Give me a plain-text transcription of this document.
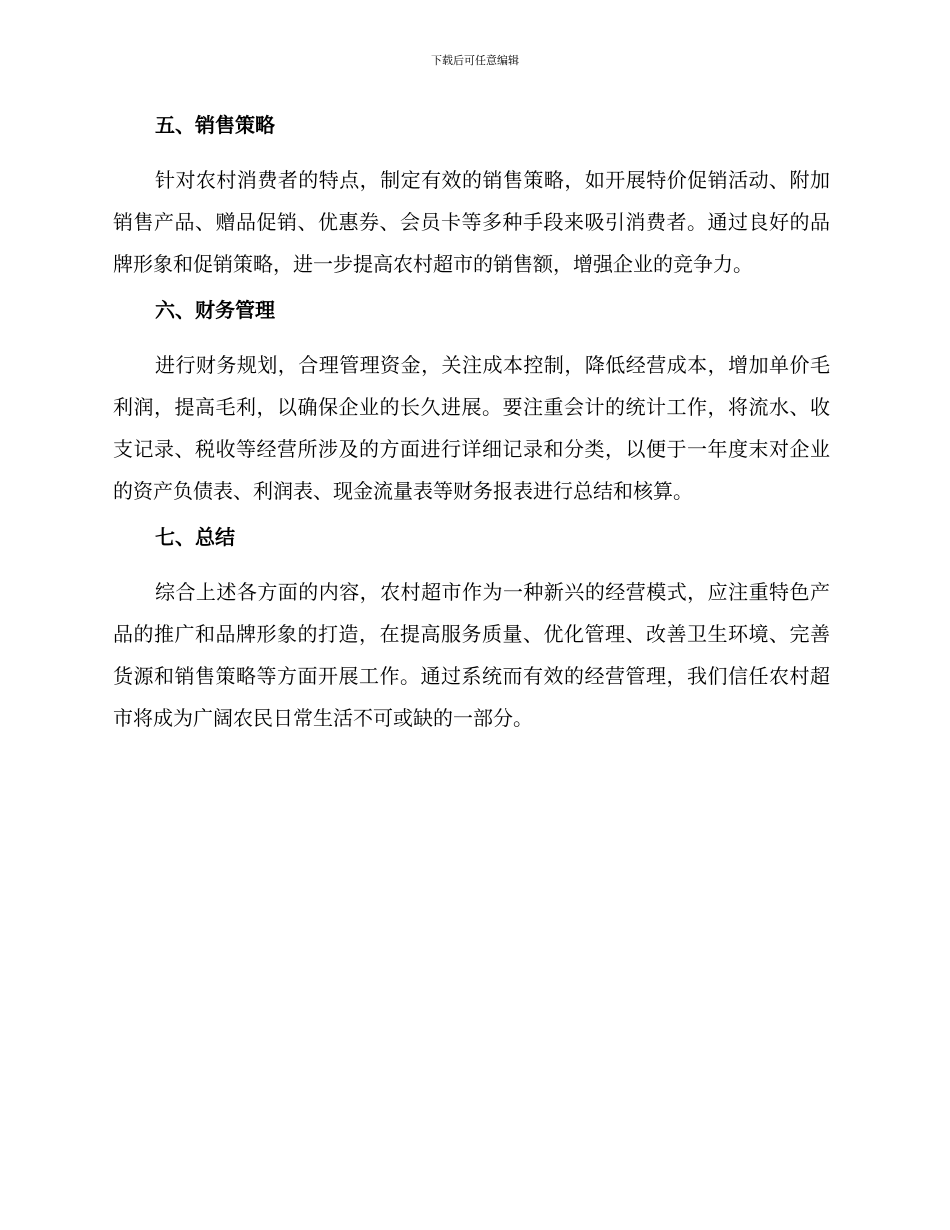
下载后可任意编辑
五、销售策略

针对农村消费者的特点，制定有效的销售策略，如开展特价促销活动、附加销售产品、赠品促销、优惠券、会员卡等多种手段来吸引消费者。通过良好的品牌形象和促销策略，进一步提高农村超市的销售额，增强企业的竞争力。

六、财务管理

进行财务规划，合理管理资金，关注成本控制，降低经营成本，增加单价毛利润，提高毛利，以确保企业的长久进展。要注重会计的统计工作，将流水、收支记录、税收等经营所涉及的方面进行详细记录和分类，以便于一年度末对企业的资产负债表、利润表、现金流量表等财务报表进行总结和核算。

七、总结

综合上述各方面的内容，农村超市作为一种新兴的经营模式，应注重特色产品的推广和品牌形象的打造，在提高服务质量、优化管理、改善卫生环境、完善货源和销售策略等方面开展工作。通过系统而有效的经营管理，我们信任农村超市将成为广阔农民日常生活不可或缺的一部分。
